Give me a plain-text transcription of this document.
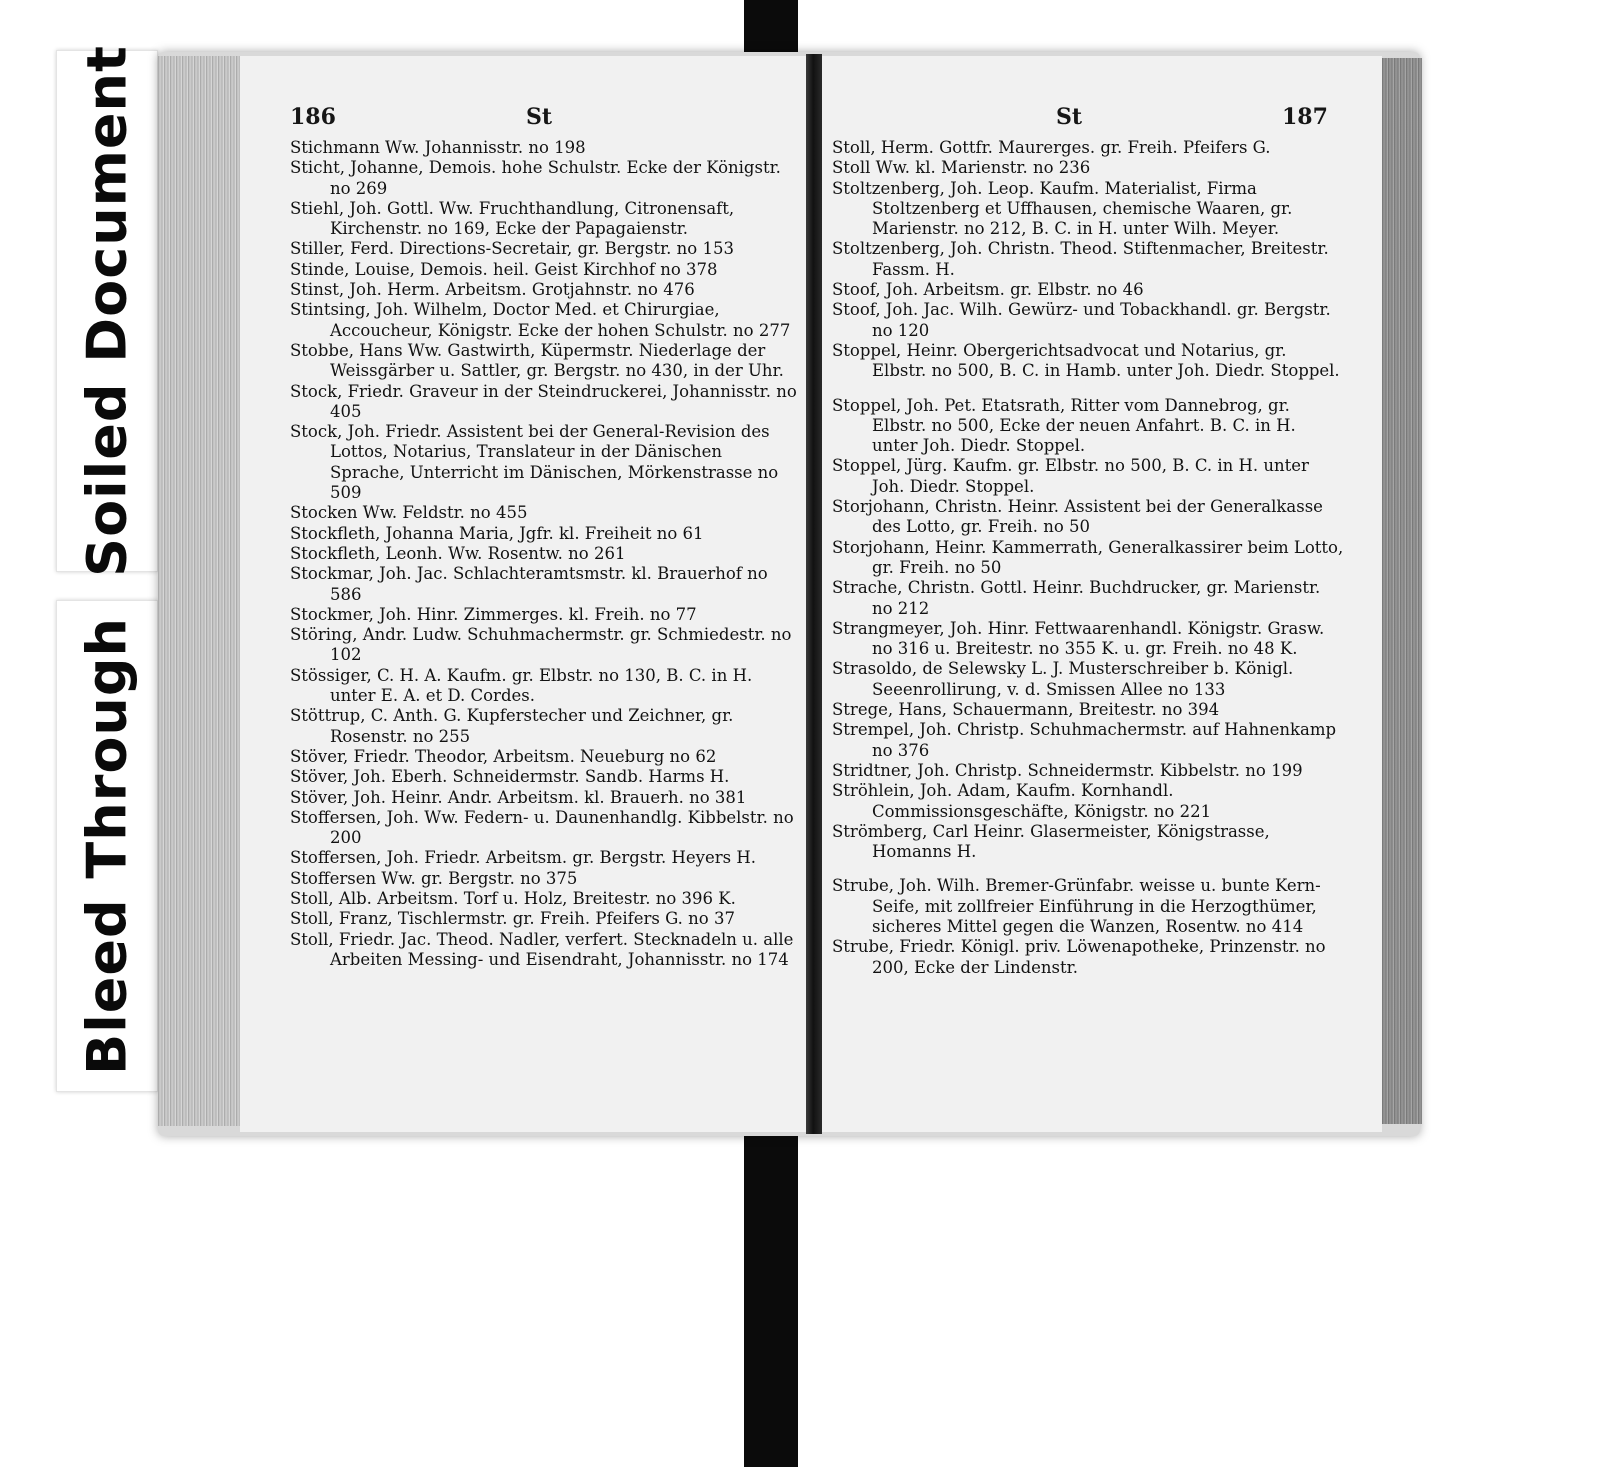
Soiled Document
Bleed Through
186	St
Stichmann Ww. Johannisstr. no 198
Sticht, Johanne, Demois. hohe Schulstr. Ecke der Königstr. no 269
Stiehl, Joh. Gottl. Ww. Fruchthandlung, Citronensaft, Kirchenstr. no 169, Ecke der Papagaienstr.
Stiller, Ferd. Directions-Secretair, gr. Bergstr. no 153
Stinde, Louise, Demois. heil. Geist Kirchhof no 378
Stinst, Joh. Herm. Arbeitsm. Grotjahnstr. no 476
Stintsing, Joh. Wilhelm, Doctor Med. et Chirurgiae, Accoucheur, Königstr. Ecke der hohen Schulstr. no 277
Stobbe, Hans Ww. Gastwirth, Küpermstr. Niederlage der Weissgärber u. Sattler, gr. Bergstr. no 430, in der Uhr.
Stock, Friedr. Graveur in der Steindruckerei, Johannisstr. no 405
Stock, Joh. Friedr. Assistent bei der General-Revision des Lottos, Notarius, Translateur in der Dänischen Sprache, Unterricht im Dänischen, Mörkenstrasse no 509
Stocken Ww. Feldstr. no 455
Stockfleth, Johanna Maria, Jgfr. kl. Freiheit no 61
Stockfleth, Leonh. Ww. Rosentw. no 261
Stockmar, Joh. Jac. Schlachteramtsmstr. kl. Brauerhof no 586
Stockmer, Joh. Hinr. Zimmerges. kl. Freih. no 77
Störing, Andr. Ludw. Schuhmachermstr. gr. Schmiedestr. no 102
Stössiger, C. H. A. Kaufm. gr. Elbstr. no 130, B. C. in H. unter E. A. et D. Cordes.
Stöttrup, C. Anth. G. Kupferstecher und Zeichner, gr. Rosenstr. no 255
Stöver, Friedr. Theodor, Arbeitsm. Neueburg no 62
Stöver, Joh. Eberh. Schneidermstr. Sandb. Harms H.
Stöver, Joh. Heinr. Andr. Arbeitsm. kl. Brauerh. no 381
Stoffersen, Joh. Ww. Federn- u. Daunenhandlg. Kibbelstr. no 200
Stoffersen, Joh. Friedr. Arbeitsm. gr. Bergstr. Heyers H.
Stoffersen Ww. gr. Bergstr. no 375
Stoll, Alb. Arbeitsm. Torf u. Holz, Breitestr. no 396 K.
Stoll, Franz, Tischlermstr. gr. Freih. Pfeifers G. no 37
Stoll, Friedr. Jac. Theod. Nadler, verfert. Stecknadeln u. alle Arbeiten Messing- und Eisendraht, Johannisstr. no 174
St	187
Stoll, Herm. Gottfr. Maurerges. gr. Freih. Pfeifers G.
Stoll Ww. kl. Marienstr. no 236
Stoltzenberg, Joh. Leop. Kaufm. Materialist, Firma Stoltzenberg et Uffhausen, chemische Waaren, gr. Marienstr. no 212, B. C. in H. unter Wilh. Meyer.
Stoltzenberg, Joh. Christn. Theod. Stiftenmacher, Breitestr. Fassm. H.
Stoof, Joh. Arbeitsm. gr. Elbstr. no 46
Stoof, Joh. Jac. Wilh. Gewürz- und Tobackhandl. gr. Bergstr. no 120
Stoppel, Heinr. Obergerichtsadvocat und Notarius, gr. Elbstr. no 500, B. C. in Hamb. unter Joh. Diedr. Stoppel.
Stoppel, Joh. Pet. Etatsrath, Ritter vom Dannebrog, gr. Elbstr. no 500, Ecke der neuen Anfahrt. B. C. in H. unter Joh. Diedr. Stoppel.
Stoppel, Jürg. Kaufm. gr. Elbstr. no 500, B. C. in H. unter Joh. Diedr. Stoppel.
Storjohann, Christn. Heinr. Assistent bei der Generalkasse des Lotto, gr. Freih. no 50
Storjohann, Heinr. Kammerrath, Generalkassirer beim Lotto, gr. Freih. no 50
Strache, Christn. Gottl. Heinr. Buchdrucker, gr. Marienstr. no 212
Strangmeyer, Joh. Hinr. Fettwaarenhandl. Königstr. Grasw. no 316 u. Breitestr. no 355 K. u. gr. Freih. no 48 K.
Strasoldo, de Selewsky L. J. Musterschreiber b. Königl. Seeenrollirung, v. d. Smissen Allee no 133
Strege, Hans, Schauermann, Breitestr. no 394
Strempel, Joh. Christp. Schuhmachermstr. auf Hahnenkamp no 376
Stridtner, Joh. Christp. Schneidermstr. Kibbelstr. no 199
Ströhlein, Joh. Adam, Kaufm. Kornhandl. Commissionsgeschäfte, Königstr. no 221
Strömberg, Carl Heinr. Glasermeister, Königstrasse, Homanns H.
Strube, Joh. Wilh. Bremer-Grünfabr. weisse u. bunte Kern-Seife, mit zollfreier Einführung in die Herzogthümer, sicheres Mittel gegen die Wanzen, Rosentw. no 414
Strube, Friedr. Königl. priv. Löwenapotheke, Prinzenstr. no 200, Ecke der Lindenstr.
